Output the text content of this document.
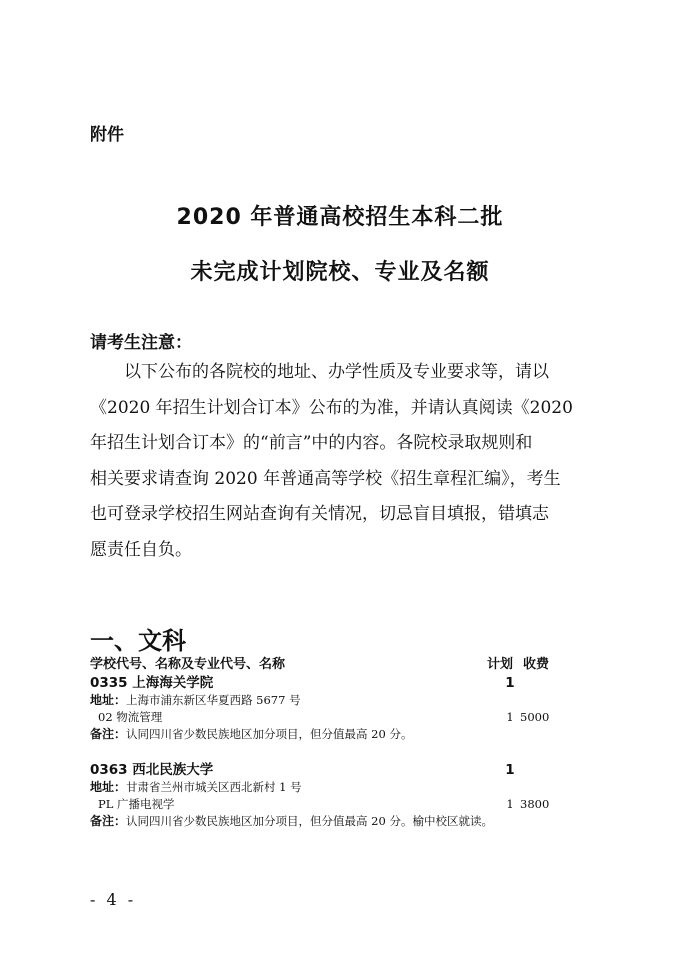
附件
2020 年普通高校招生本科二批
未完成计划院校、专业及名额
请考生注意：
以下公布的各院校的地址、办学性质及专业要求等，请以
《2020 年招生计划合订本》公布的为准，并请认真阅读《2020
年招生计划合订本》的“前言”中的内容。各院校录取规则和
相关要求请查询 2020 年普通高等学校《招生章程汇编》，考生
也可登录学校招生网站查询有关情况，切忌盲目填报，错填志
愿责任自负。
一、文科
学校代号、名称及专业代号、名称	计划 收费
0335 上海海关学院	1
地址：上海市浦东新区华夏西路 5677 号
02 物流管理	1 5000
备注：认同四川省少数民族地区加分项目，但分值最高 20 分。
0363 西北民族大学	1
地址：甘肃省兰州市城关区西北新村 1 号
PL 广播电视学	1 3800
备注：认同四川省少数民族地区加分项目，但分值最高 20 分。榆中校区就读。
- 4 -
